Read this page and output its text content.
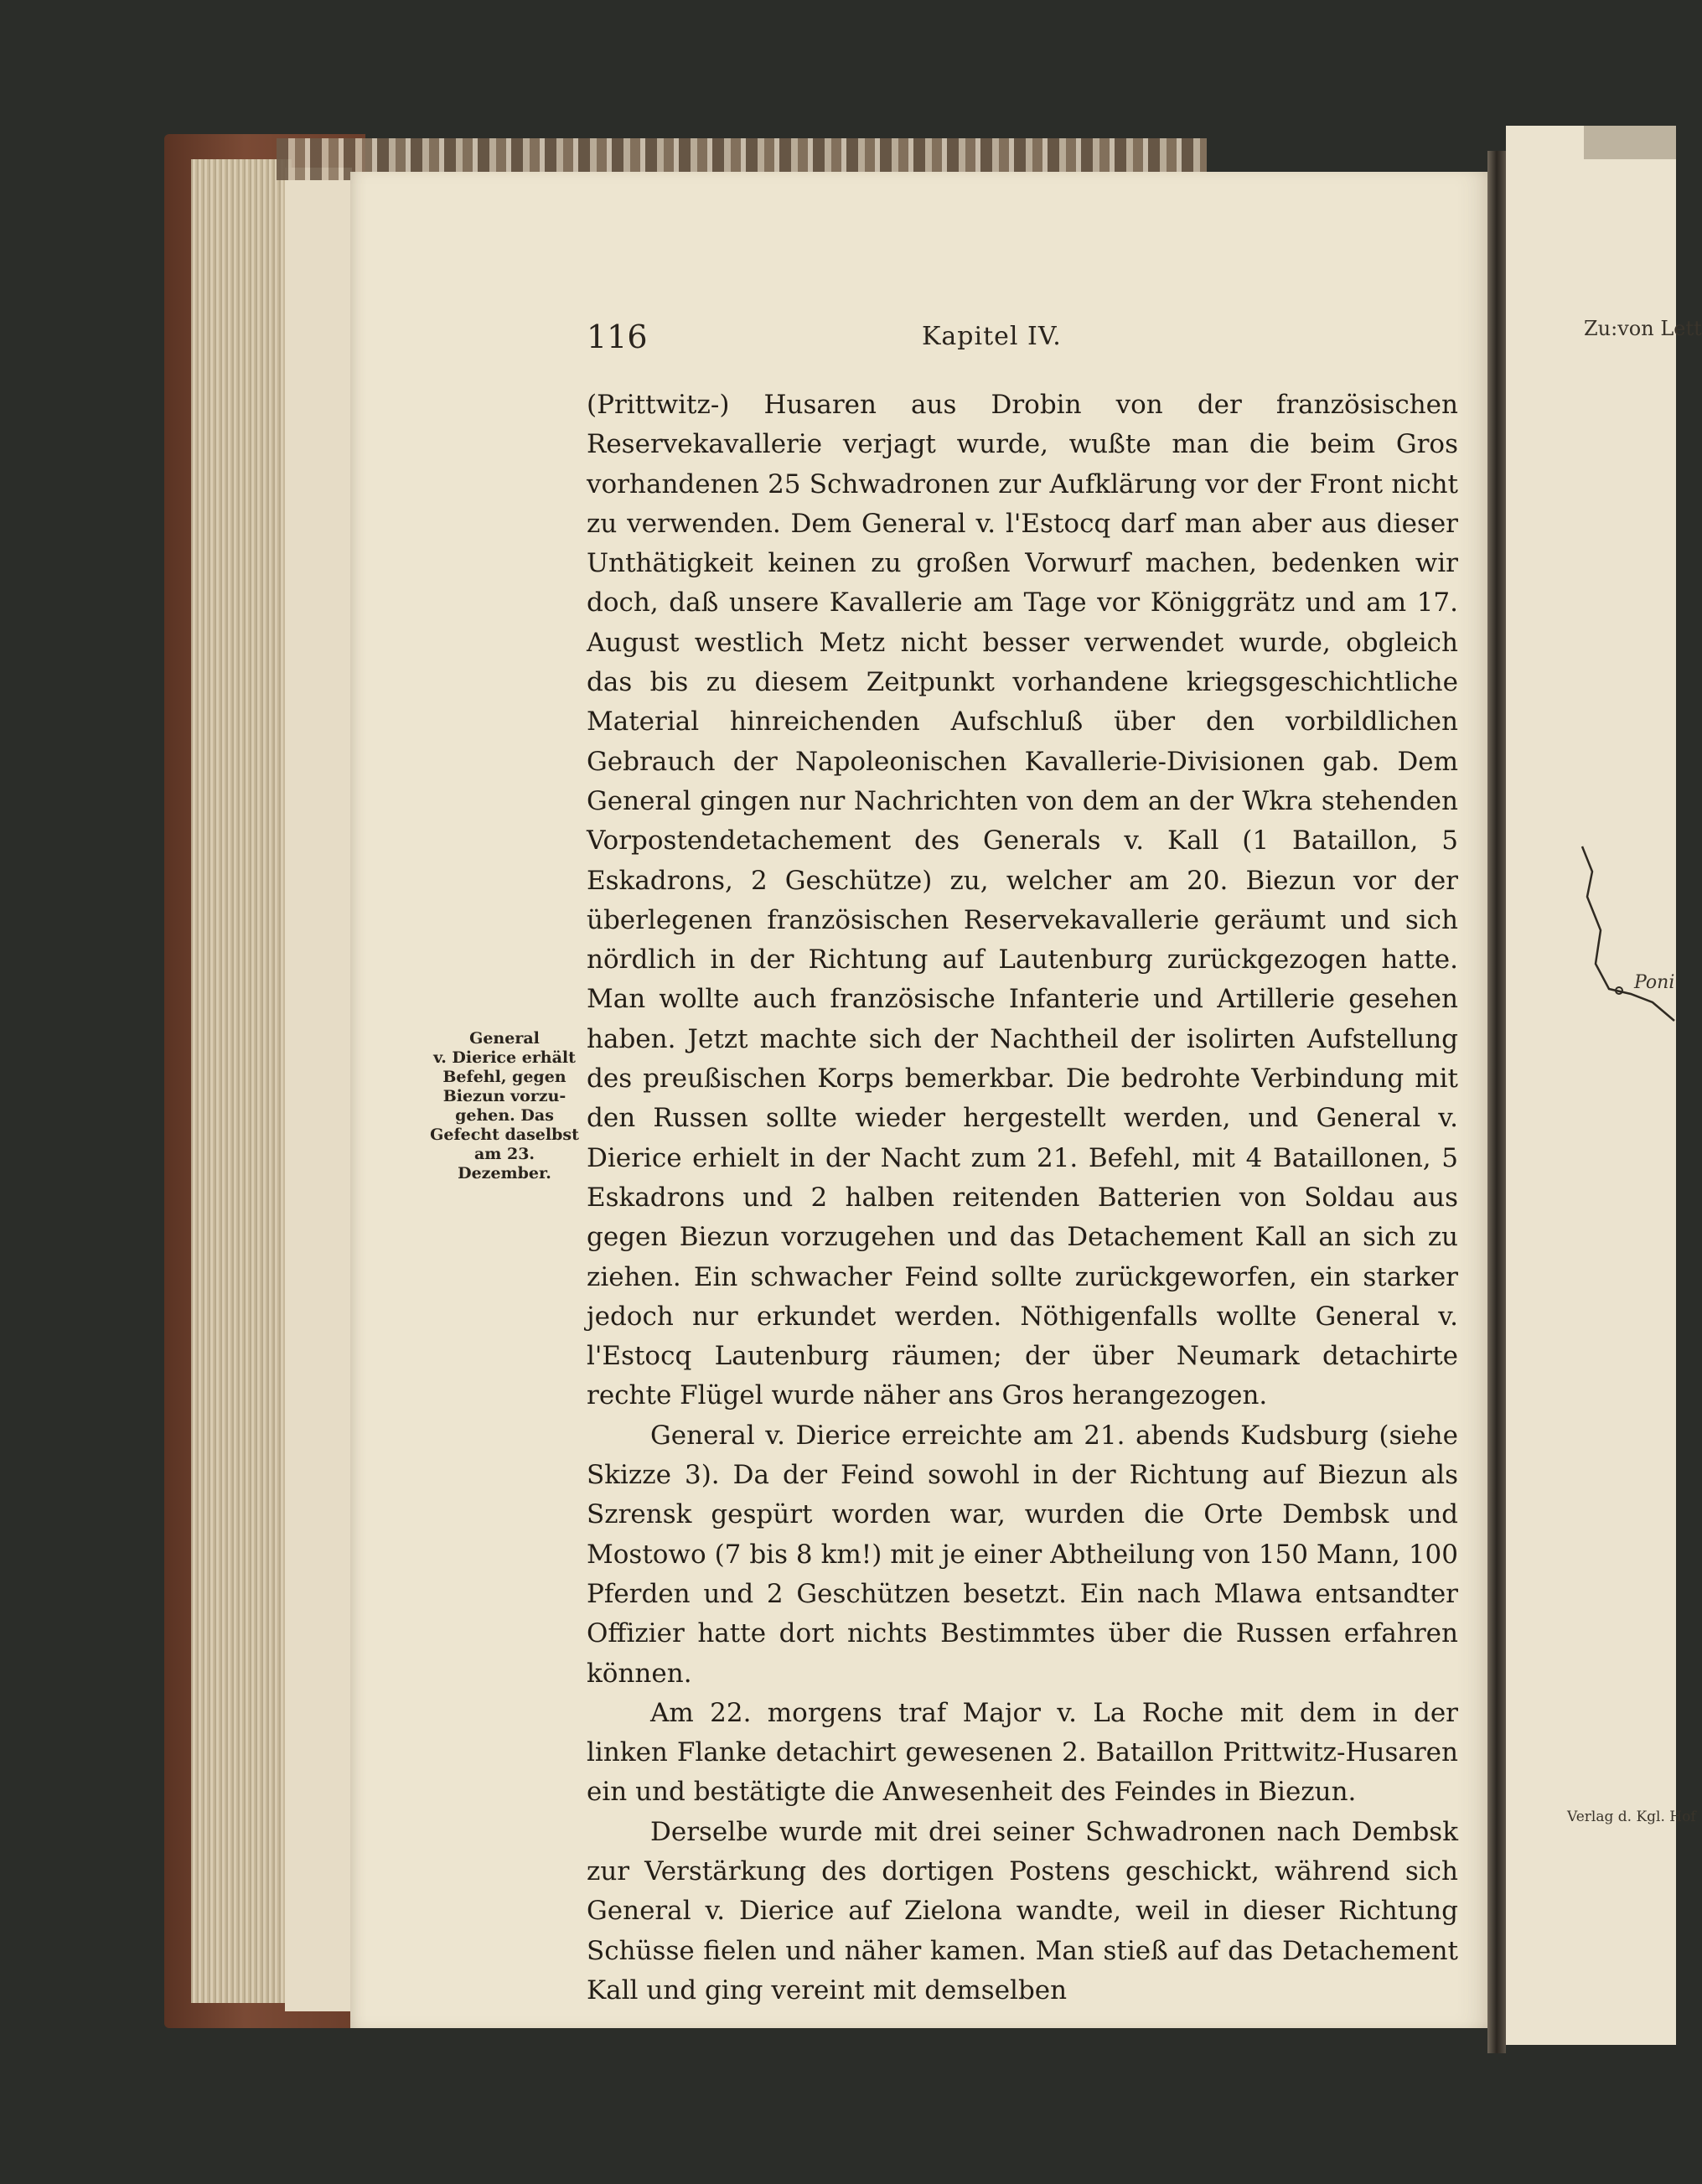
116	Kapitel IV.
General
v. Dierice erhält
Befehl, gegen
Biezun vorzu-
gehen. Das
Gefecht daselbst
am 23. Dezember.

(Prittwitz-) Husaren aus Drobin von der französischen Reservekavallerie verjagt wurde, wußte man die beim Gros vorhandenen 25 Schwadronen zur Aufklärung vor der Front nicht zu verwenden. Dem General v. l'Estocq darf man aber aus dieser Unthätigkeit keinen zu großen Vorwurf machen, bedenken wir doch, daß unsere Kavallerie am Tage vor Königgrätz und am 17. August westlich Metz nicht besser verwendet wurde, obgleich das bis zu diesem Zeitpunkt vorhandene kriegsgeschichtliche Material hinreichenden Aufschluß über den vorbildlichen Gebrauch der Napoleonischen Kavallerie-Divisionen gab. Dem General gingen nur Nachrichten von dem an der Wkra stehenden Vorpostendetachement des Generals v. Kall (1 Bataillon, 5 Eskadrons, 2 Geschütze) zu, welcher am 20. Biezun vor der überlegenen französischen Reservekavallerie geräumt und sich nördlich in der Richtung auf Lautenburg zurückgezogen hatte. Man wollte auch französische Infanterie und Artillerie gesehen haben. Jetzt machte sich der Nachtheil der isolirten Aufstellung des preußischen Korps bemerkbar. Die bedrohte Verbindung mit den Russen sollte wieder hergestellt werden, und General v. Dierice erhielt in der Nacht zum 21. Befehl, mit 4 Bataillonen, 5 Eskadrons und 2 halben reitenden Batterien von Soldau aus gegen Biezun vorzugehen und das Detachement Kall an sich zu ziehen. Ein schwacher Feind sollte zurückgeworfen, ein starker jedoch nur erkundet werden. Nöthigenfalls wollte General v. l'Estocq Lautenburg räumen; der über Neumark detachirte rechte Flügel wurde näher ans Gros herangezogen.

General v. Dierice erreichte am 21. abends Kudsburg (siehe Skizze 3). Da der Feind sowohl in der Richtung auf Biezun als Szrensk gespürt worden war, wurden die Orte Dembsk und Mostowo (7 bis 8 km!) mit je einer Abtheilung von 150 Mann, 100 Pferden und 2 Geschützen besetzt. Ein nach Mlawa entsandter Offizier hatte dort nichts Bestimmtes über die Russen erfahren können.

Am 22. morgens traf Major v. La Roche mit dem in der linken Flanke detachirt gewesenen 2. Bataillon Prittwitz-Husaren ein und bestätigte die Anwesenheit des Feindes in Biezun.

Derselbe wurde mit drei seiner Schwadronen nach Dembsk zur Verstärkung des dortigen Postens geschickt, während sich General v. Dierice auf Zielona wandte, weil in dieser Richtung Schüsse fielen und näher kamen. Man stieß auf das Detachement Kall und ging vereint mit demselben

Zu:von Lett
Poni
Verlag d. Kgl. Hof
